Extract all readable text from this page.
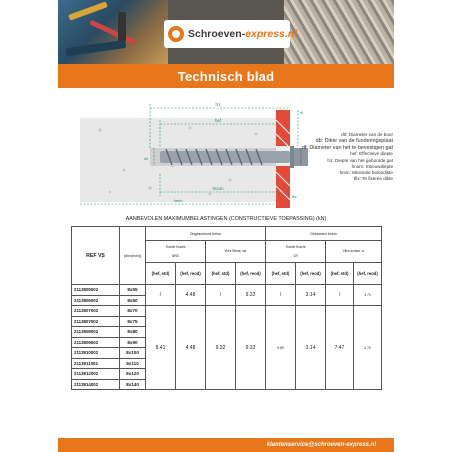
Schroeven-express.nl
Technisch blad
h1
hef
hnom
hmin
tfix
df
d0
d0: Diameter van de boor
db: Dikte van de funderingsplaat
df: Diameter van het te bevestigen gat
hef: Effectieve diepte
h1: Diepte van het geboorde gat
hnom: Inbouwdiepte
hmin: Minimale betondikte
tfix: Te fixeren dikte
AANBEVOLEN MAXIMUMBELASTINGEN (CONSTRUCTIEVE TOEPASSING) (kN)
REF VS	[dhxl(mm)]	Ongescheurd beton				Gebarsten beton			
		Tractie Kracht

NRD		Vlies Shear, scr		Tractie Kracht

CR		Vlies schaar, cr	
		(hef, std)	(hef, reod)	(hef, std)	(hef, reod)	(hef, std)	(hef, reod)	(hef, std)	(hef, reod)
2113805502	8x55	/	4.48	/	9.32	/	3.14	/	4.70
2113806002	8x60								
2113807002	8x70	8.41	4.48	9.32	9.32	5.89	3.14	7.47	4.70
2113807502	8x75								
2113808002	8x80								
2113809002	8x90								
2113810002	8x100								
2113811002	8x110								
2113812002	8x120								
2113814002	8x140								
klantenservice@schroeven-express.nl
